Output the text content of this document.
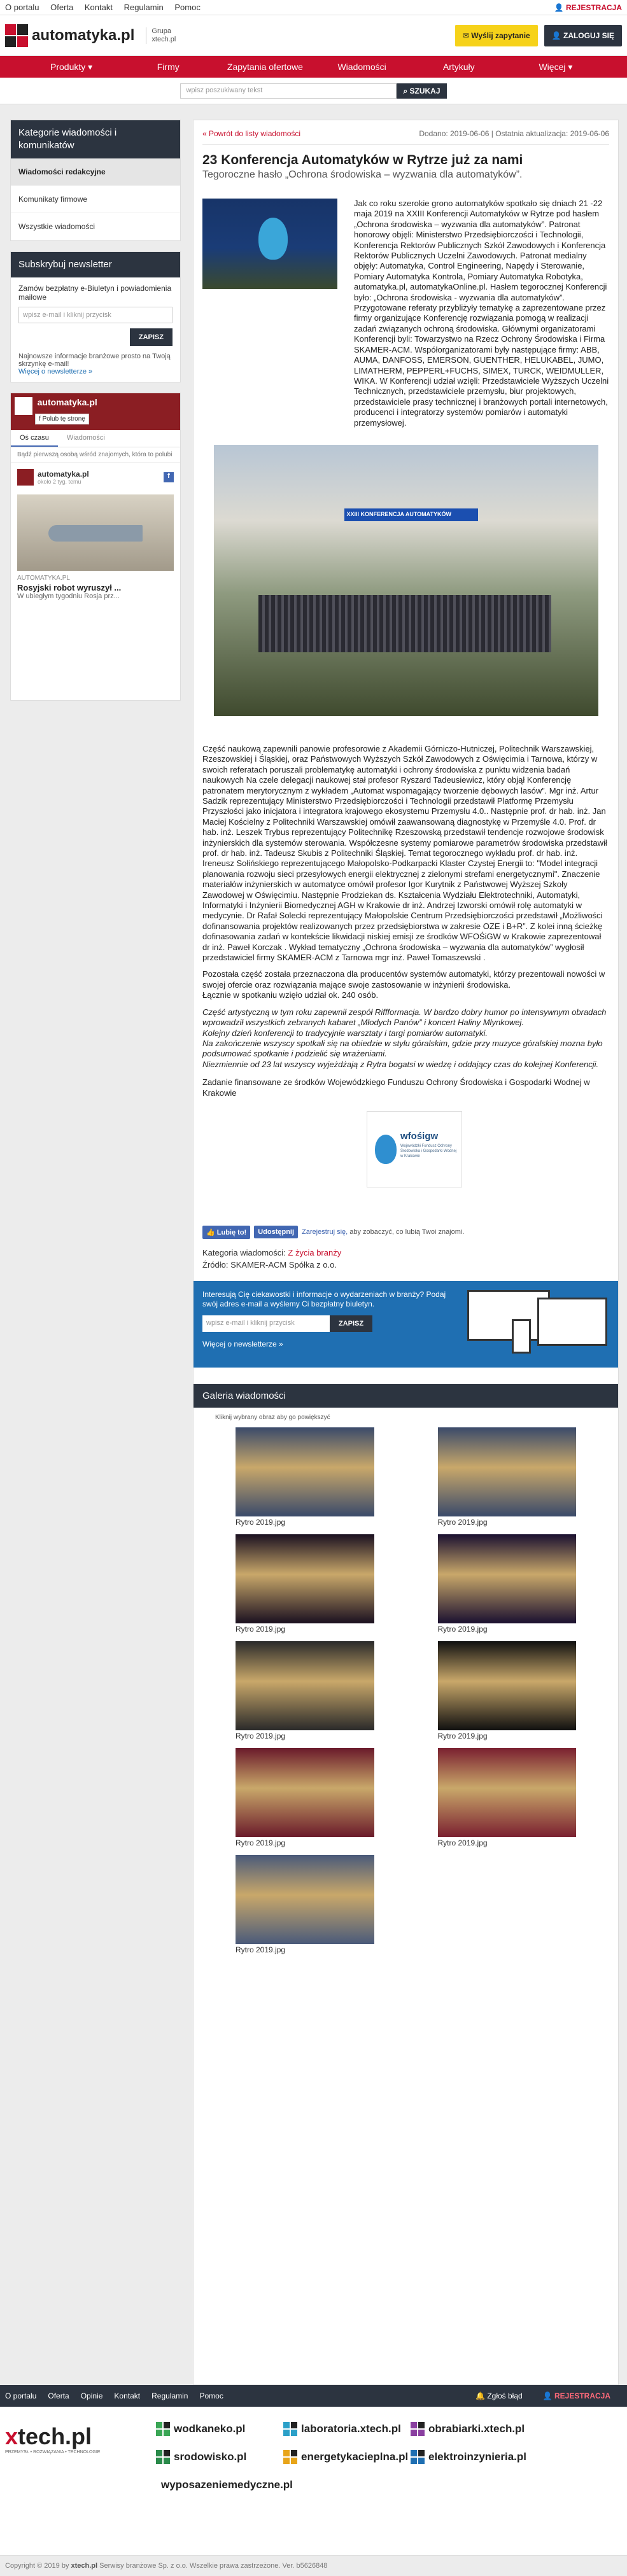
O portalu Oferta Kontakt Regulamin Pomoc	👤 REJESTRACJA
automatyka.pl Grupa
xtech.pl	✉ Wyślij zapytanie	👤 ZALOGUJ SIĘ
Produkty ▾	Firmy	Zapytania ofertowe	Wiadomości	Artykuły	Więcej ▾
wpisz poszukiwany tekst	⌕ SZUKAJ
Kategorie wiadomości i komunikatów
Wiadomości redakcyjne
Komunikaty firmowe
Wszystkie wiadomości
Subskrybuj newsletter
Zamów bezpłatny e-Biuletyn i powiadomienia mailowe
wpisz e-mail i kliknij przycisk
ZAPISZ
Najnowsze informacje branżowe prosto na Twoją skrzynkę e-mail!
Więcej o newsletterze »
automatyka.pl
f Polub tę stronę
Oś czasu	Wiadomości
Bądź pierwszą osobą wśród znajomych, która to polubi
automatyka.pl
około 2 tyg. temu
f
AUTOMATYKA.PL
Rosyjski robot wyruszył ...
W ubiegłym tygodniu Rosja prz...
« Powrót do listy wiadomości	Dodano: 2019-06-06 | Ostatnia aktualizacja: 2019-06-06
23 Konferencja Automatyków w Rytrze już za nami
Tegoroczne hasło „Ochrona środowiska – wyzwania dla automatyków”.
Jak co roku szerokie grono automatyków spotkało się dniach 21 -22 maja 2019 na XXIII Konferencji Automatyków w Rytrze pod hasłem „Ochrona środowiska – wyzwania dla automatyków”. Patronat honorowy objęli: Ministerstwo Przedsiębiorczości i Technologii, Konferencja Rektorów Publicznych Szkół Zawodowych i Konferencja Rektorów Publicznych Uczelni Zawodowych. Patronat medialny objęły: Automatyka, Control Engineering, Napędy i Sterowanie, Pomiary Automatyka Kontrola, Pomiary Automatyka Robotyka, automatyka.pl, automatykaOnline.pl. Hasłem tegorocznej Konferencji było: „Ochrona środowiska - wyzwania dla automatyków”. Przygotowane referaty przybliżyły tematykę a zaprezentowane przez firmy organizujące Konferencję rozwiązania pomogą w realizacji zadań związanych ochroną środowiska. Głównymi organizatorami Konferencji byli: Towarzystwo na Rzecz Ochrony Środowiska i Firma SKAMER-ACM. Współorganizatorami były następujące firmy: ABB, AUMA, DANFOSS, EMERSON, GUENTHER, HELUKABEL, JUMO, LIMATHERM, PEPPERL+FUCHS, SIMEX, TURCK, WEIDMULLER, WIKA. W Konferencji udział wzięli: Przedstawiciele Wyższych Uczelni Technicznych, przedstawiciele przemysłu, biur projektowych, przedstawiciele prasy technicznej i branżowych portali internetowych, producenci i integratorzy systemów pomiarów i automatyki przemysłowej.
XXIII KONFERENCJA AUTOMATYKÓW
Część naukową zapewnili panowie profesorowie z Akademii Górniczo-Hutniczej, Politechnik Warszawskiej, Rzeszowskiej i Śląskiej, oraz Państwowych Wyższych Szkół Zawodowych z Oświęcimia i Tarnowa, którzy w swoich referatach poruszali problematykę automatyki i ochrony środowiska z punktu widzenia badań naukowych Na czele delegacji naukowej stał profesor Ryszard Tadeusiewicz, który objął Konferencję patronatem merytorycznym z wykładem „Automat wspomagający tworzenie dębowych lasów”. Mgr inż. Artur Sadzik reprezentujący Ministerstwo Przedsiębiorczości i Technologii przedstawił Platformę Przemysłu Przyszłości jako inicjatora i integratora krajowego ekosystemu Przemysłu 4.0.. Następnie prof. dr hab. inż. Jan Maciej Kościelny z Politechniki Warszawskiej omówił zaawansowaną diagnostykę w Przemyśle 4.0. Prof. dr hab. inż. Leszek Trybus reprezentujący Politechnikę Rzeszowską przedstawił tendencje rozwojowe środowisk inżynierskich dla systemów sterowania. Współczesne systemy pomiarowe parametrów środowiska przedstawił prof. dr hab. inż. Tadeusz Skubis z Politechniki Śląskiej. Temat tegorocznego wykładu prof. dr hab. inż. Ireneusz Sołińskiego reprezentującego Małopolsko-Podkarpacki Klaster Czystej Energii to: "Model integracji planowania rozwoju sieci przesyłowych energii elektrycznej z zielonymi strefami energetycznymi". Znaczenie materiałów inżynierskich w automatyce omówił profesor Igor Kurytnik z Państwowej Wyższej Szkoły Zawodowej w Oświęcimiu. Następnie Prodziekan ds. Kształcenia Wydziału Elektrotechniki, Automatyki, Informatyki i Inżynierii Biomedycznej AGH w Krakowie dr inż. Andrzej Izworski omówił rolę automatyki w medycynie. Dr Rafał Solecki reprezentujący Małopolskie Centrum Przedsiębiorczości przedstawił „Możliwości dofinansowania projektów realizowanych przez przedsiębiorstwa w zakresie OZE i B+R”. Z kolei inną ścieżkę dofinasowania zadań w kontekście likwidacji niskiej emisji ze środków WFOŚiGW w Krakowie zaprezentował dr inż. Paweł Korczak . Wykład tematyczny „Ochrona środowiska – wyzwania dla automatyków” wygłosił przedstawiciel firmy SKAMER-ACM z Tarnowa mgr inż. Paweł Tomaszewski .
Pozostała część została przeznaczona dla producentów systemów automatyki, którzy prezentowali nowości w swojej ofercie oraz rozwiązania mające swoje zastosowanie w inżynierii środowiska.
Łącznie w spotkaniu wzięło udział ok. 240 osób.
Część artystyczną w tym roku zapewnił zespół Riffformacja. W bardzo dobry humor po intensywnym obradach wprowadził wszystkich zebranych kabaret „Młodych Panów” i koncert Haliny Mlynkowej.
Kolejny dzień konferencji to tradycyjnie warsztaty i targi pomiarów automatyki.
Na zakończenie wszyscy spotkali się na obiedzie w stylu góralskim, gdzie przy muzyce góralskiej mozna było podsumować spotkanie i podzielić się wrażeniami.
Niezmiennie od 23 lat wszyscy wyjeżdżają z Rytra bogatsi w wiedzę i oddający czas do kolejnej Konferencji.
Zadanie finansowane ze środków Wojewódzkiego Funduszu Ochrony Środowiska i Gospodarki Wodnej w Krakowie
wfośigw
Wojewódzki Fundusz Ochrony Środowiska i Gospodarki Wodnej w Krakowie
👍 Lubię to!	Udostępnij	Zarejestruj się, aby zobaczyć, co lubią Twoi znajomi.
Kategoria wiadomości: Z życia branży
Źródło: SKAMER-ACM Spółka z o.o.
Interesują Cię ciekawostki i informacje o wydarzeniach w branży? Podaj swój adres e-mail a wyślemy Ci bezpłatny biuletyn.
wpisz e-mail i kliknij przycisk	ZAPISZ
Więcej o newsletterze »
Galeria wiadomości
Kliknij wybrany obraz aby go powiększyć
Rytro 2019.jpg	Rytro 2019.jpg
Rytro 2019.jpg	Rytro 2019.jpg
Rytro 2019.jpg	Rytro 2019.jpg
Rytro 2019.jpg	Rytro 2019.jpg
Rytro 2019.jpg
O portalu Oferta Opinie Kontakt Regulamin Pomoc	🔔 Zgłoś błąd	👤 REJESTRACJA
xtech.pl
PRZEMYSŁ • ROZWIĄZANIA • TECHNOLOGIE
wodkaneko.pl	laboratoria.xtech.pl	obrabiarki.xtech.pl
srodowisko.pl	energetykacieplna.pl elektroinzynieria.pl
wyposazeniemedyczne.pl
Copyright © 2019 by xtech.pl Serwisy branżowe Sp. z o.o. Wszelkie prawa zastrzeżone. Ver. b5626848
